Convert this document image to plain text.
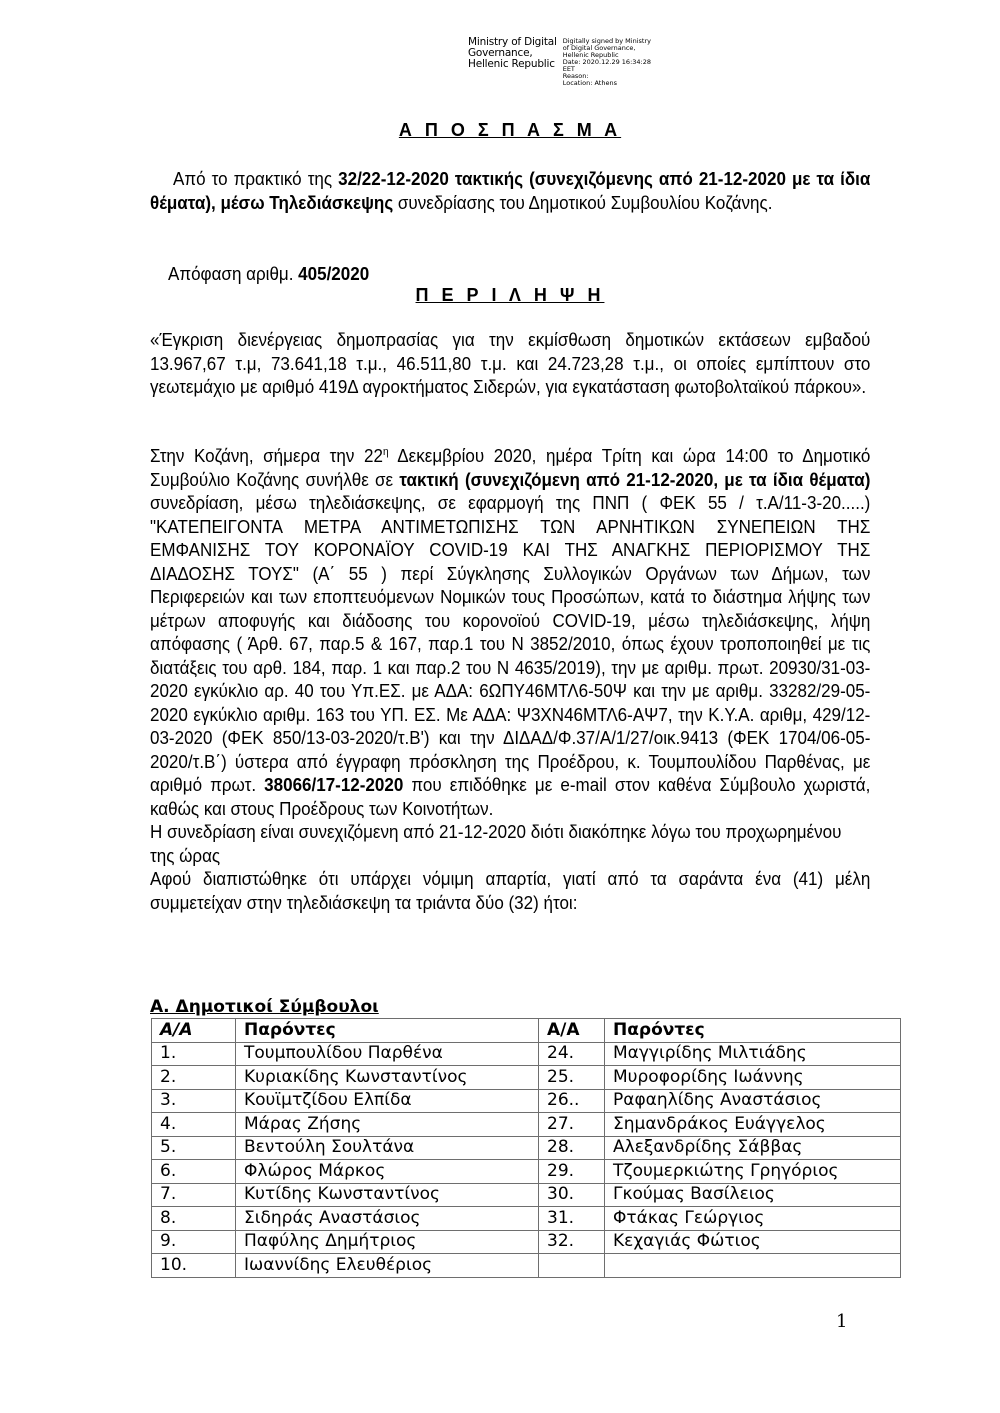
Ministry of Digital
Governance,
Hellenic Republic
Digitally signed by Ministry
of Digital Governance,
Hellenic Republic
Date: 2020.12.29 16:34:28
EET
Reason:
Location: Athens
Α Π Ο Σ Π Α Σ Μ Α
Από το πρακτικό της 32/22-12-2020 τακτικής (συνεχιζόμενης από 21-12-2020 με τα ίδια θέματα), μέσω Τηλεδιάσκεψης συνεδρίασης του Δημοτικού Συμβουλίου Κοζάνης.
Απόφαση αριθμ. 405/2020
Π Ε Ρ Ι Λ Η Ψ Η
«Έγκριση διενέργειας δημοπρασίας για την εκμίσθωση δημοτικών εκτάσεων εμβαδού 13.967,67 τ.μ, 73.641,18 τ.μ., 46.511,80 τ.μ. και 24.723,28 τ.μ., οι οποίες εμπίπτουν στο γεωτεμάχιο με αριθμό 419Δ αγροκτήματος Σιδερών, για εγκατάσταση φωτοβολταϊκού πάρκου».
Στην Κοζάνη, σήμερα την $22^\eta$ Δεκεμβρίου 2020, ημέρα Τρίτη και ώρα 14:00 το Δημοτικό Συμβούλιο Κοζάνης συνήλθε σε τακτική (συνεχιζόμενη από 21-12-2020, με τα ίδια θέματα) συνεδρίαση, μέσω τηλεδιάσκεψης, σε εφαρμογή της ΠΝΠ ( ΦΕΚ 55 / τ.Α/11-3-20.....) "ΚΑΤΕΠΕΙΓΟΝΤΑ ΜΕΤΡΑ ΑΝΤΙΜΕΤΩΠΙΣΗΣ ΤΩΝ ΑΡΝΗΤΙΚΩΝ ΣΥΝΕΠΕΙΩΝ ΤΗΣ ΕΜΦΑΝΙΣΗΣ ΤΟΥ ΚΟΡΟΝΑΪΟΥ COVID-19 ΚΑΙ ΤΗΣ ΑΝΑΓΚΗΣ ΠΕΡΙΟΡΙΣΜΟΥ ΤΗΣ ΔΙΑΔΟΣΗΣ ΤΟΥΣ" (Α΄ 55 ) περί Σύγκλησης Συλλογικών Οργάνων των Δήμων, των Περιφερειών και των εποπτευόμενων Νομικών τους Προσώπων, κατά το διάστημα λήψης των μέτρων αποφυγής και διάδοσης του κορονοϊού COVID-19, μέσω τηλεδιάσκεψης, λήψη απόφασης ( Άρθ. 67, παρ.5 & 167, παρ.1 του Ν 3852/2010, όπως έχουν τροποποιηθεί με τις διατάξεις του αρθ. 184, παρ. 1 και παρ.2 του Ν 4635/2019), την με αριθμ. πρωτ. 20930/31-03-2020 εγκύκλιο αρ. 40 του Υπ.ΕΣ. με ΑΔΑ: 6ΩΠΥ46ΜΤΛ6-50Ψ και την με αριθμ. 33282/29-05-2020 εγκύκλιο αριθμ. 163 του ΥΠ. ΕΣ. Με ΑΔΑ: Ψ3ΧΝ46ΜΤΛ6-ΑΨ7, την Κ.Υ.Α. αριθμ, 429/12-03-2020 (ΦΕΚ 850/13-03-2020/τ.Β') και την ΔΙΔΑΔ/Φ.37/Α/1/27/οικ.9413 (ΦΕΚ 1704/06-05-2020/τ.Β΄) ύστερα από έγγραφη πρόσκληση της Προέδρου, κ. Τουμπουλίδου Παρθένας, με αριθμό πρωτ. 38066/17-12-2020 που επιδόθηκε με e-mail στον καθένα Σύμβουλο χωριστά, καθώς και στους Προέδρους των Κοινοτήτων.
Η συνεδρίαση είναι συνεχιζόμενη από 21-12-2020 διότι διακόπηκε λόγω του προχωρημένου της ώρας
Αφού διαπιστώθηκε ότι υπάρχει νόμιμη απαρτία, γιατί από τα σαράντα ένα (41) μέλη συμμετείχαν στην τηλεδιάσκεψη τα τριάντα δύο (32) ήτοι:
Α. Δημοτικοί Σύμβουλοι
Α/Α	Παρόντες	Α/Α	Παρόντες
1.	Τουμπουλίδου Παρθένα	24.	Μαγγιρίδης Μιλτιάδης
2.	Κυριακίδης Κωνσταντίνος	25.	Μυροφορίδης Ιωάννης
3.	Κουϊμτζίδου Ελπίδα	26..	Ραφαηλίδης Αναστάσιος
4.	Μάρας Ζήσης	27.	Σημανδράκος Ευάγγελος
5.	Βεντούλη Σουλτάνα	28.	Αλεξανδρίδης Σάββας
6.	Φλώρος Μάρκος	29.	Τζουμερκιώτης Γρηγόριος
7.	Κυτίδης Κωνσταντίνος	30.	Γκούμας Βασίλειος
8.	Σιδηράς Αναστάσιος	31.	Φτάκας Γεώργιος
9.	Παφύλης Δημήτριος	32.	Κεχαγιάς Φώτιος
10.	Ιωαννίδης Ελευθέριος		
1
